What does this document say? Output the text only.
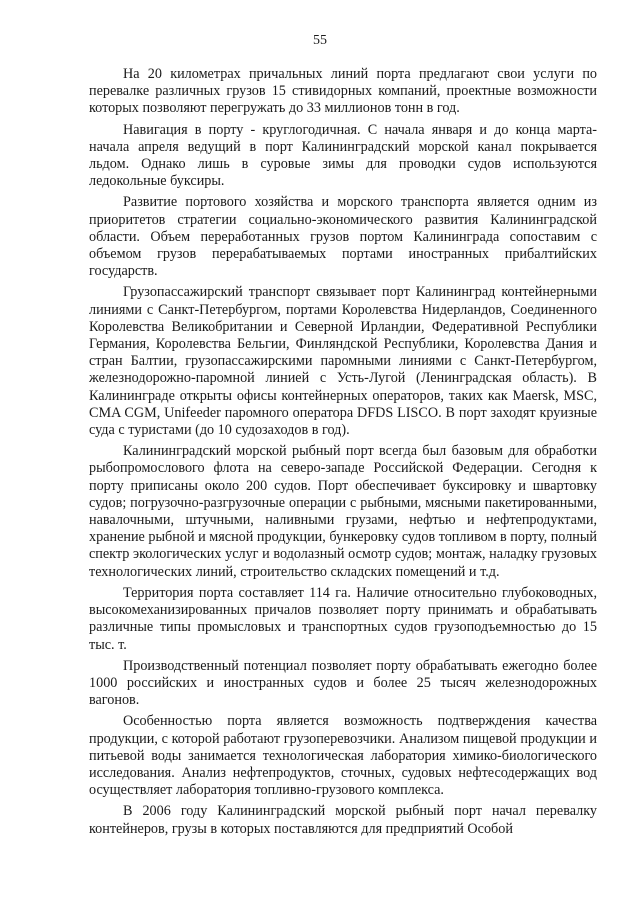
55

На 20 километрах причальных линий порта предлагают свои услуги по перевалке различных грузов 15 стивидорных компаний, проектные возможности которых позволяют перегружать до 33 миллионов тонн в год.

Навигация в порту - круглогодичная. С начала января и до конца марта-начала апреля ведущий в порт Калининградский морской канал покрывается льдом. Однако лишь в суровые зимы для проводки судов используются ледокольные буксиры.

Развитие портового хозяйства и морского транспорта является одним из приоритетов стратегии социально-экономического развития Калининградской области. Объем переработанных грузов портом Калининграда сопоставим с объемом грузов перерабатываемых портами иностранных прибалтийских государств.

Грузопассажирский транспорт связывает порт Калининград контейнерными линиями с Санкт-Петербургом, портами Королевства Нидерландов, Соединенного Королевства Великобритании и Северной Ирландии, Федеративной Республики Германия, Королевства Бельгии, Финляндской Республики, Королевства Дания и стран Балтии, грузопассажирскими паромными линиями с Санкт-Петербургом, железнодорожно-паромной линией с Усть-Лугой (Ленинградская область). В Калининграде открыты офисы контейнерных операторов, таких как Maersk, MSC, CMA CGM, Unifeeder паромного оператора DFDS LISCO. В порт заходят круизные суда с туристами (до 10 судозаходов в год).

Калининградский морской рыбный порт всегда был базовым для обработки рыбопромослового флота на северо-западе Российской Федерации. Сегодня к порту приписаны около 200 судов. Порт обеспечивает буксировку и швартовку судов; погрузочно-разгрузочные операции с рыбными, мясными пакетированными, навалочными, штучными, наливными грузами, нефтью и нефтепродуктами, хранение рыбной и мясной продукции, бункеровку судов топливом в порту, полный спектр экологических услуг и водолазный осмотр судов; монтаж, наладку грузовых технологических линий, строительство складских помещений и т.д.

Территория порта составляет 114 га. Наличие относительно глубоководных, высокомеханизированных причалов позволяет порту принимать и обрабатывать различные типы промысловых и транспортных судов грузоподъемностью до 15 тыс. т.

Производственный потенциал позволяет порту обрабатывать ежегодно более 1000 российских и иностранных судов и более 25 тысяч железнодорожных вагонов.

Особенностью порта является возможность подтверждения качества продукции, с которой работают грузоперевозчики. Анализом пищевой продукции и питьевой воды занимается технологическая лаборатория химико-биологического исследования. Анализ нефтепродуктов, сточных, судовых нефтесодержащих вод осуществляет лаборатория топливно-грузового комплекса.

В 2006 году Калининградский морской рыбный порт начал перевалку контейнеров, грузы в которых поставляются для предприятий Особой
